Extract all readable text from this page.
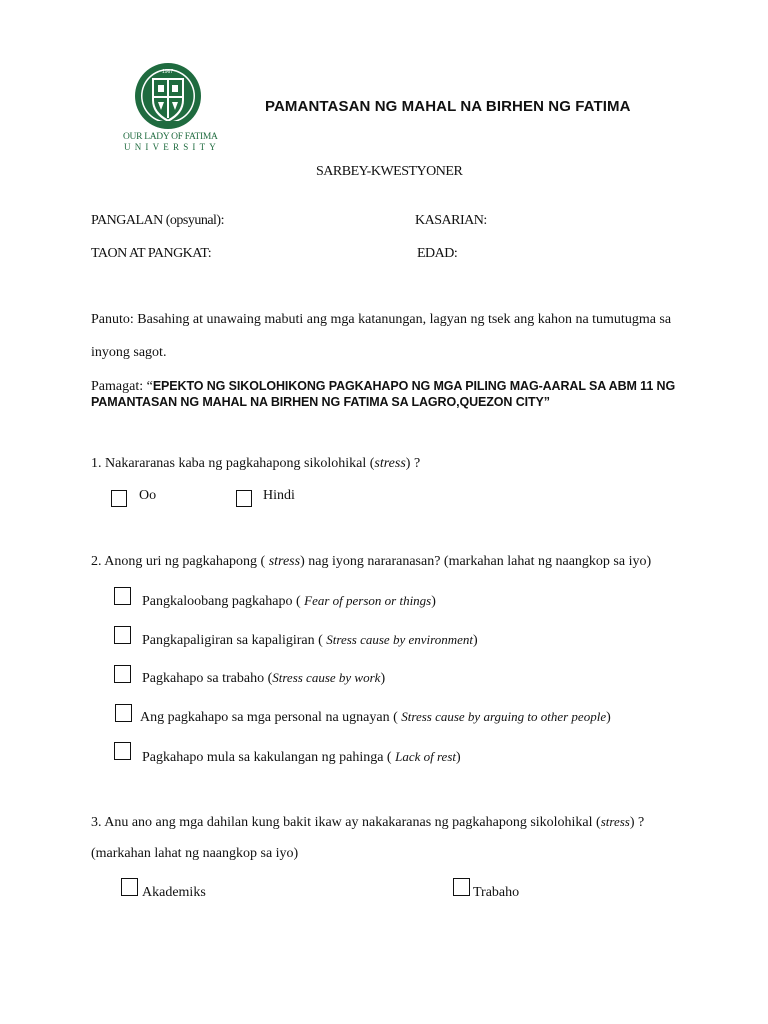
1967
OUR LADY OF FATIMA
UNIVERSITY
PAMANTASAN NG MAHAL NA BIRHEN NG FATIMA
SARBEY-KWESTYONER
PANGALAN (opsyunal):	KASARIAN:
TAON AT PANGKAT:	EDAD:
Panuto: Basahing at unawaing mabuti ang mga katanungan, lagyan ng tsek ang kahon na tumutugma sa
inyong sagot.
Pamagat: “EPEKTO NG SIKOLOHIKONG PAGKAHAPO NG MGA PILING MAG-AARAL SA ABM 11 NG
PAMANTASAN NG MAHAL NA BIRHEN NG FATIMA SA LAGRO,QUEZON CITY”
1. Nakararanas kaba ng pagkahapong sikolohikal (stress) ?
Oo	Hindi
2. Anong uri ng pagkahapong ( stress) nag iyong nararanasan? (markahan lahat ng naangkop sa iyo)
Pangkaloobang pagkahapo ( Fear of person or things)
Pangkapaligiran sa kapaligiran ( Stress cause by environment)
Pagkahapo sa trabaho (Stress cause by work)
Ang pagkahapo sa mga personal na ugnayan ( Stress cause by arguing to other people)
Pagkahapo mula sa kakulangan ng pahinga ( Lack of rest)
3. Anu ano ang mga dahilan kung bakit ikaw ay nakakaranas ng pagkahapong sikolohikal (stress) ?
(markahan lahat ng naangkop sa iyo)
Akademiks	Trabaho
